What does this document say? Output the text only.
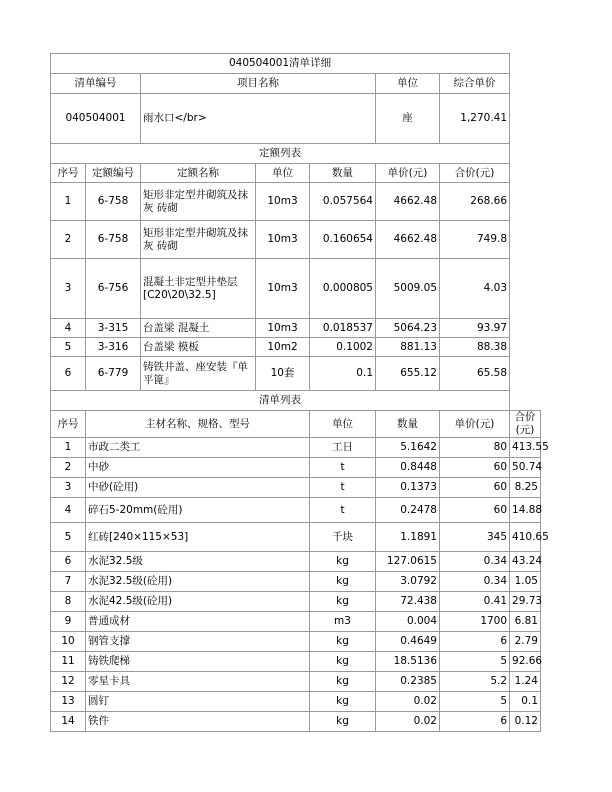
040504001清单详细							
清单编号		项目名称			单位	综合单价	
040504001		雨水口</br>			座	1,270.41	
定额列表							
序号	定额编号	定额名称	单位	数量	单价(元)	合价(元)	
1	6-758	矩形非定型井砌筑及抹灰 砖砌	10m3	0.057564	4662.48	268.66	
2	6-758	矩形非定型井砌筑及抹灰 砖砌	10m3	0.160654	4662.48	749.8	
3	6-756	混凝土非定型井垫层 [C20\20\32.5]	10m3	0.000805	5009.05	4.03	
4	3-315	台盖梁 混凝土	10m3	0.018537	5064.23	93.97	
5	3-316	台盖梁 模板	10m2	0.1002	881.13	88.38	
6	6-779	铸铁井盖、座安装『单平篦』	10套	0.1	655.12	65.58	
清单列表							
序号	主材名称、规格、型号			单位	数量	单价(元)	合价(元)
1	市政二类工			工日	5.1642	80	413.55
2	中砂			t	0.8448	60	50.74
3	中砂(砼用)			t	0.1373	60	8.25
4	碎石5-20mm(砼用)			t	0.2478	60	14.88
5	红砖[240×115×53]			千块	1.1891	345	410.65
6	水泥32.5级			kg	127.0615	0.34	43.24
7	水泥32.5级(砼用)			kg	3.0792	0.34	1.05
8	水泥42.5级(砼用)			kg	72.438	0.41	29.73
9	普通成材			m3	0.004	1700	6.81
10	钢管支撑			kg	0.4649	6	2.79
11	铸铁爬梯			kg	18.5136	5	92.66
12	零星卡具			kg	0.2385	5.2	1.24
13	圆钉			kg	0.02	5	0.1
14	铁件			kg	0.02	6	0.12
